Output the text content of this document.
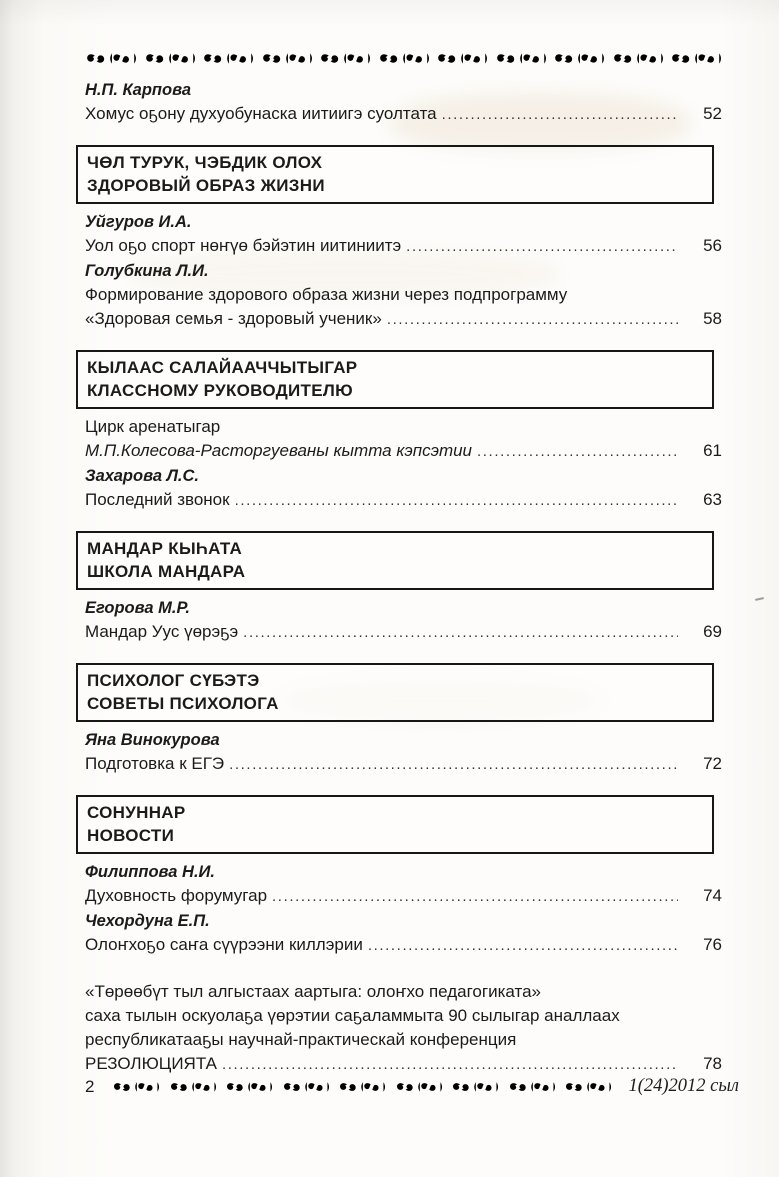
Н.П. Карпова
Хомус оҕону духуобунаска иитиигэ суолтата .....	52
ЧӨЛ ТУРУК, ЧЭБДИК ОЛОХ
ЗДОРОВЫЙ ОБРАЗ ЖИЗНИ
Уйгуров И.А.
Уол оҕо спорт нөҥүө бэйэтин иитиниитэ .....	56
Голубкина Л.И.
Формирование здорового образа жизни через подпрограмму
«Здоровая семья - здоровый ученик» .....	58
КЫЛААС САЛАЙААЧЧЫТЫГАР
КЛАССНОМУ РУКОВОДИТЕЛЮ
Цирк аренатыгар
М.П.Колесова-Расторгуеваны кытта кэпсэтии .....	61
Захарова Л.С.
Последний звонок .....	63
МАНДАР КЫҺАТА
ШКОЛА МАНДАРА
Егорова М.Р.
Мандар Уус үөрэҕэ .....	69
ПСИХОЛОГ СҮБЭТЭ
СОВЕТЫ ПСИХОЛОГА
Яна Винокурова
Подготовка к ЕГЭ .....	72
СОНУННАР
НОВОСТИ
Филиппова Н.И.
Духовность форумугар .....	74
Чехордуна Е.П.
Олоҥхоҕо саҥа сүүрээни киллэрии .....	76
«Төрөөбүт тыл алгыстаах аартыга: олоҥхо педагогиката»
саха тылын оскуолаҕа үөрэтии саҕаламмыта 90 сылыгар аналлаах
республикатааҕы научнай-практическай конференция
РЕЗОЛЮЦИЯТА .....	78
2	1(24)2012 сыл
